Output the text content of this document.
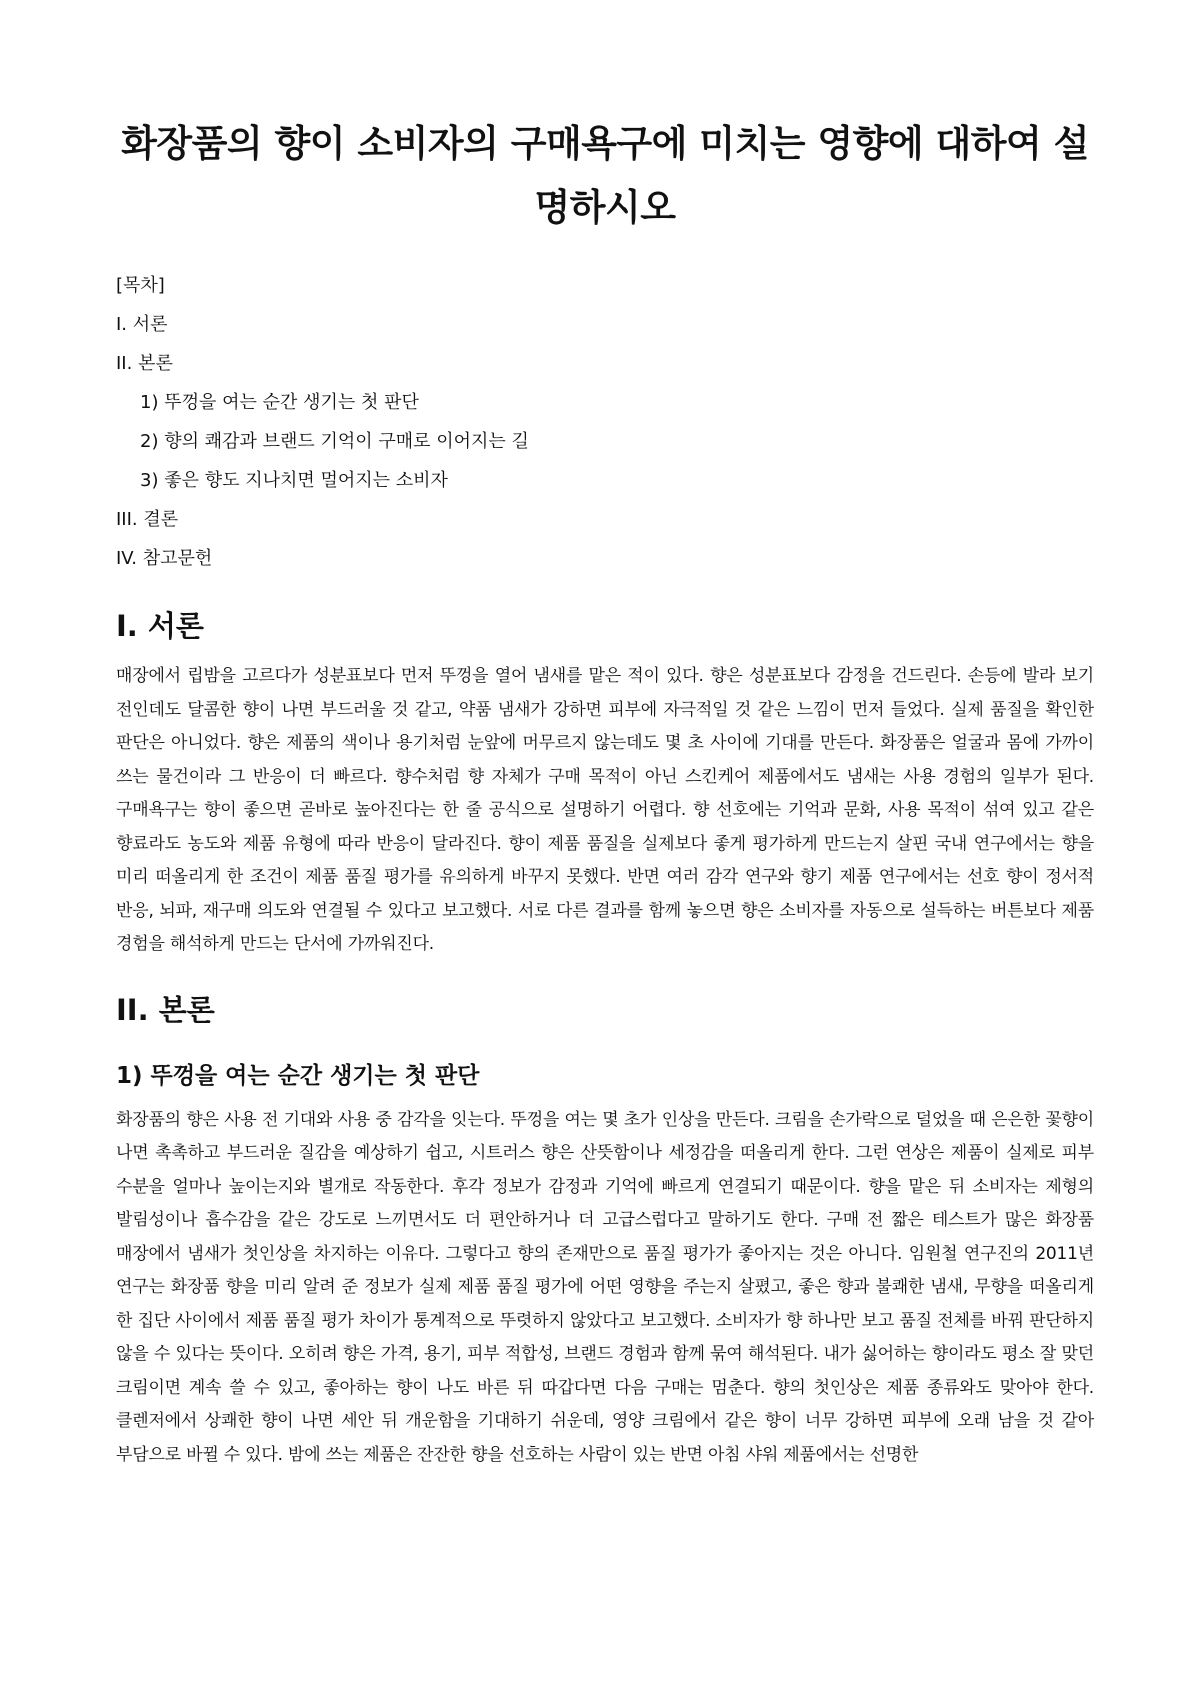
화장품의 향이 소비자의 구매욕구에 미치는 영향에 대하여 설명하시오

[목차]

I. 서론

II. 본론

1) 뚜껑을 여는 순간 생기는 첫 판단

2) 향의 쾌감과 브랜드 기억이 구매로 이어지는 길

3) 좋은 향도 지나치면 멀어지는 소비자

III. 결론

IV. 참고문헌

I. 서론

매장에서 립밤을 고르다가 성분표보다 먼저 뚜껑을 열어 냄새를 맡은 적이 있다. 향은 성분표보다 감정을 건드린다. 손등에 발라 보기 전인데도 달콤한 향이 나면 부드러울 것 같고, 약품 냄새가 강하면 피부에 자극적일 것 같은 느낌이 먼저 들었다. 실제 품질을 확인한 판단은 아니었다. 향은 제품의 색이나 용기처럼 눈앞에 머무르지 않는데도 몇 초 사이에 기대를 만든다. 화장품은 얼굴과 몸에 가까이 쓰는 물건이라 그 반응이 더 빠르다. 향수처럼 향 자체가 구매 목적이 아닌 스킨케어 제품에서도 냄새는 사용 경험의 일부가 된다. 구매욕구는 향이 좋으면 곧바로 높아진다는 한 줄 공식으로 설명하기 어렵다. 향 선호에는 기억과 문화, 사용 목적이 섞여 있고 같은 향료라도 농도와 제품 유형에 따라 반응이 달라진다. 향이 제품 품질을 실제보다 좋게 평가하게 만드는지 살핀 국내 연구에서는 향을 미리 떠올리게 한 조건이 제품 품질 평가를 유의하게 바꾸지 못했다. 반면 여러 감각 연구와 향기 제품 연구에서는 선호 향이 정서적 반응, 뇌파, 재구매 의도와 연결될 수 있다고 보고했다. 서로 다른 결과를 함께 놓으면 향은 소비자를 자동으로 설득하는 버튼보다 제품 경험을 해석하게 만드는 단서에 가까워진다.

II. 본론
1) 뚜껑을 여는 순간 생기는 첫 판단

화장품의 향은 사용 전 기대와 사용 중 감각을 잇는다. 뚜껑을 여는 몇 초가 인상을 만든다. 크림을 손가락으로 덜었을 때 은은한 꽃향이 나면 촉촉하고 부드러운 질감을 예상하기 쉽고, 시트러스 향은 산뜻함이나 세정감을 떠올리게 한다. 그런 연상은 제품이 실제로 피부 수분을 얼마나 높이는지와 별개로 작동한다. 후각 정보가 감정과 기억에 빠르게 연결되기 때문이다. 향을 맡은 뒤 소비자는 제형의 발림성이나 흡수감을 같은 강도로 느끼면서도 더 편안하거나 더 고급스럽다고 말하기도 한다. 구매 전 짧은 테스트가 많은 화장품 매장에서 냄새가 첫인상을 차지하는 이유다. 그렇다고 향의 존재만으로 품질 평가가 좋아지는 것은 아니다. 임원철 연구진의 2011년 연구는 화장품 향을 미리 알려 준 정보가 실제 제품 품질 평가에 어떤 영향을 주는지 살폈고, 좋은 향과 불쾌한 냄새, 무향을 떠올리게 한 집단 사이에서 제품 품질 평가 차이가 통계적으로 뚜렷하지 않았다고 보고했다. 소비자가 향 하나만 보고 품질 전체를 바꿔 판단하지 않을 수 있다는 뜻이다. 오히려 향은 가격, 용기, 피부 적합성, 브랜드 경험과 함께 묶여 해석된다. 내가 싫어하는 향이라도 평소 잘 맞던 크림이면 계속 쓸 수 있고, 좋아하는 향이 나도 바른 뒤 따갑다면 다음 구매는 멈춘다. 향의 첫인상은 제품 종류와도 맞아야 한다. 클렌저에서 상쾌한 향이 나면 세안 뒤 개운함을 기대하기 쉬운데, 영양 크림에서 같은 향이 너무 강하면 피부에 오래 남을 것 같아 부담으로 바뀔 수 있다. 밤에 쓰는 제품은 잔잔한 향을 선호하는 사람이 있는 반면 아침 샤워 제품에서는 선명한
